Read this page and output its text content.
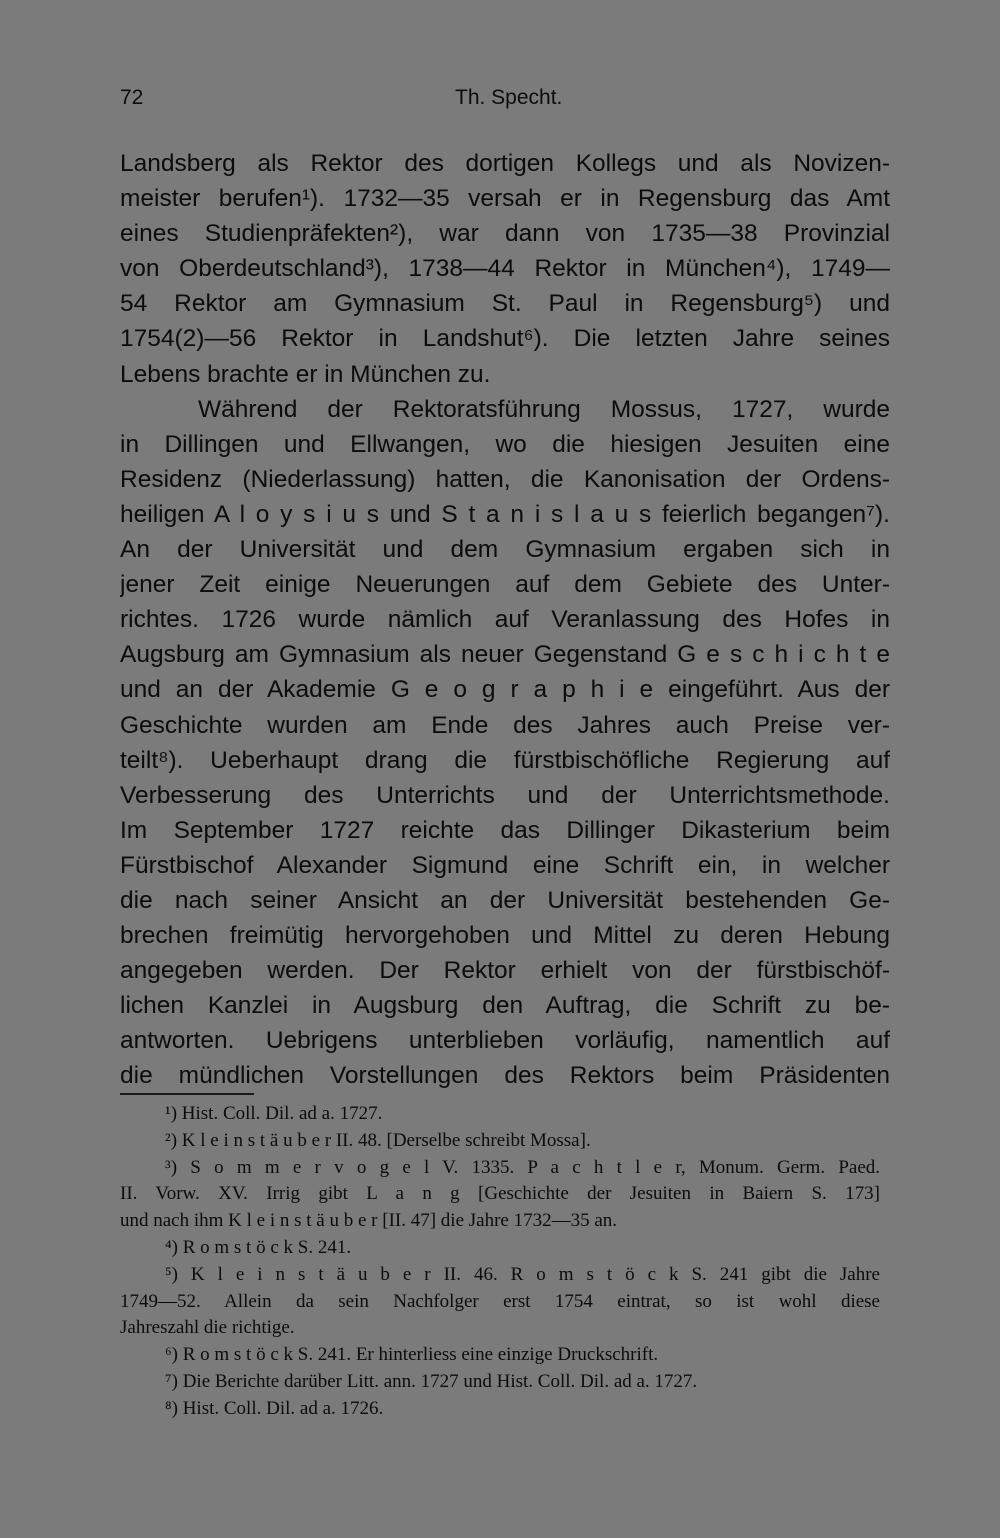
72	Th. Specht.
Landsberg als Rektor des dortigen Kollegs und als Novizen-
meister berufen¹). 1732—35 versah er in Regensburg das Amt
eines Studienpräfekten²), war dann von 1735—38 Provinzial
von Oberdeutschland³), 1738—44 Rektor in München⁴), 1749—
54 Rektor am Gymnasium St. Paul in Regensburg⁵) und
1754(2)—56 Rektor in Landshut⁶). Die letzten Jahre seines
Lebens brachte er in München zu.
Während der Rektoratsführung Mossus, 1727, wurde
in Dillingen und Ellwangen, wo die hiesigen Jesuiten eine
Residenz (Niederlassung) hatten, die Kanonisation der Ordens-
heiligen A l o y s i u s und S t a n i s l a u s feierlich begangen⁷).
An der Universität und dem Gymnasium ergaben sich in
jener Zeit einige Neuerungen auf dem Gebiete des Unter-
richtes. 1726 wurde nämlich auf Veranlassung des Hofes in
Augsburg am Gymnasium als neuer Gegenstand G e s c h i c h t e
und an der Akademie G e o g r a p h i e eingeführt. Aus der
Geschichte wurden am Ende des Jahres auch Preise ver-
teilt⁸). Ueberhaupt drang die fürstbischöfliche Regierung auf
Verbesserung des Unterrichts und der Unterrichtsmethode.
Im September 1727 reichte das Dillinger Dikasterium beim
Fürstbischof Alexander Sigmund eine Schrift ein, in welcher
die nach seiner Ansicht an der Universität bestehenden Ge-
brechen freimütig hervorgehoben und Mittel zu deren Hebung
angegeben werden. Der Rektor erhielt von der fürstbischöf-
lichen Kanzlei in Augsburg den Auftrag, die Schrift zu be-
antworten. Uebrigens unterblieben vorläufig, namentlich auf
die mündlichen Vorstellungen des Rektors beim Präsidenten
¹) Hist. Coll. Dil. ad a. 1727.
²) K l e i n s t ä u b e r II. 48. [Derselbe schreibt Mossa].
³) S o m m e r v o g e l V. 1335. P a c h t l e r, Monum. Germ. Paed.
II. Vorw. XV. Irrig gibt L a n g [Geschichte der Jesuiten in Baiern S. 173]
und nach ihm K l e i n s t ä u b e r [II. 47] die Jahre 1732—35 an.
⁴) R o m s t ö c k S. 241.
⁵) K l e i n s t ä u b e r II. 46. R o m s t ö c k S. 241 gibt die Jahre
1749—52. Allein da sein Nachfolger erst 1754 eintrat, so ist wohl diese
Jahreszahl die richtige.
⁶) R o m s t ö c k S. 241. Er hinterliess eine einzige Druckschrift.
⁷) Die Berichte darüber Litt. ann. 1727 und Hist. Coll. Dil. ad a. 1727.
⁸) Hist. Coll. Dil. ad a. 1726.
